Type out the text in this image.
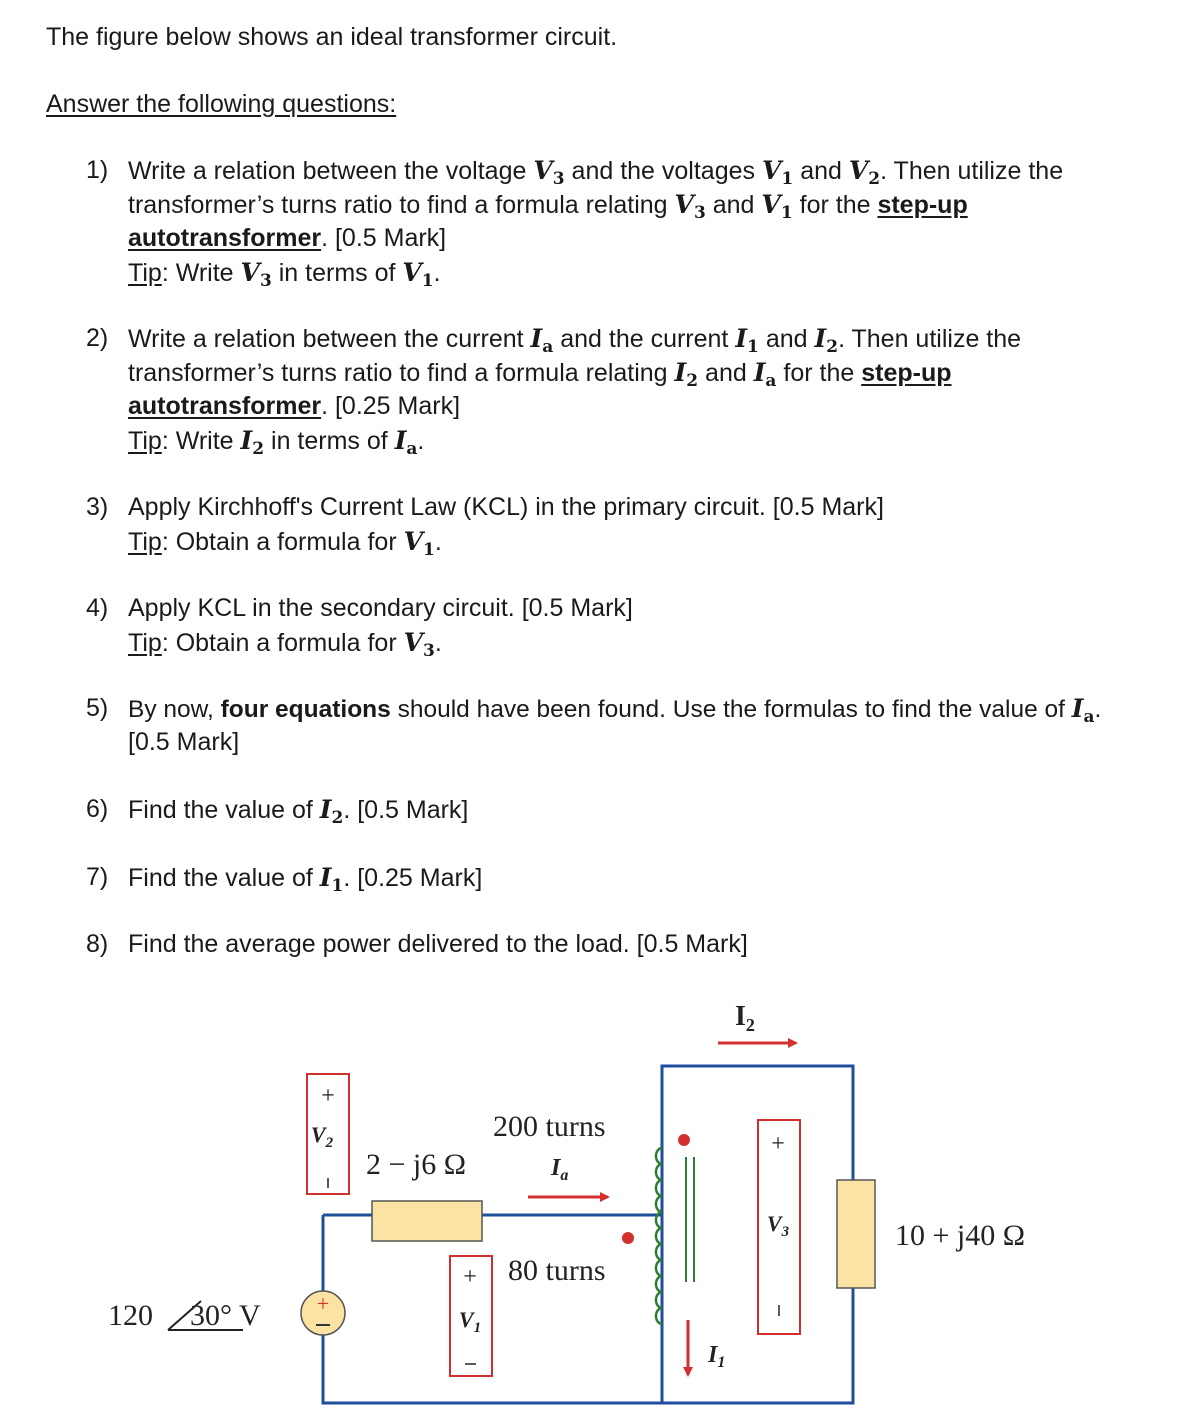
The figure below shows an ideal transformer circuit.
Answer the following questions:
1) Write a relation between the voltage $V_3$ and the voltages $V_1$ and $V_2$. Then utilize the
transformer’s turns ratio to find a formula relating $V_3$ and $V_1$ for the step-up
autotransformer. [0.5 Mark]
Tip: Write $V_3$ in terms of $V_1$.
2) Write a relation between the current $I_a$ and the current $I_1$ and $I_2$. Then utilize the
transformer’s turns ratio to find a formula relating $I_2$ and $I_a$ for the step-up
autotransformer. [0.25 Mark]
Tip: Write $I_2$ in terms of $I_a$.
3) Apply Kirchhoff's Current Law (KCL) in the primary circuit. [0.5 Mark]
Tip: Obtain a formula for $V_1$.
4) Apply KCL in the secondary circuit. [0.5 Mark]
Tip: Obtain a formula for $V_3$.
5) By now, four equations should have been found. Use the formulas to find the value of $I_a$.
[0.5 Mark]
6) Find the value of $I_2$. [0.5 Mark]
7) Find the value of $I_1$. [0.25 Mark]
8) Find the average power delivered to the load. [0.5 Mark]
+
120 30° V
200 turns
80 turns
2 − j6 Ω
10 + j40 Ω
$I_a$
$I_2$
$I_1$
+
$V_2$
+
$V_1$
+
$V_3$
